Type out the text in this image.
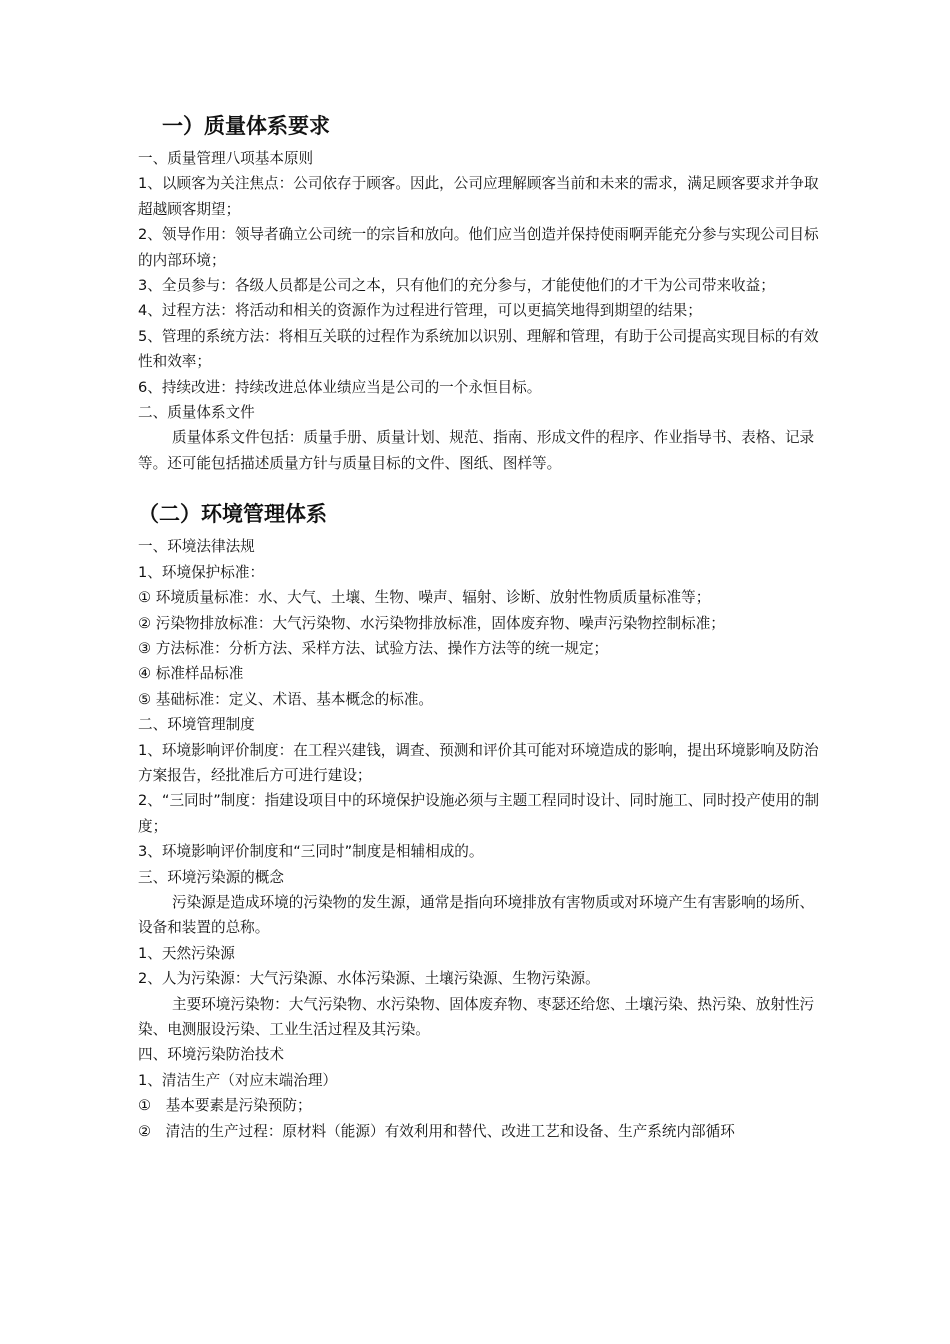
一）质量体系要求

一、质量管理八项基本原则

1、以顾客为关注焦点：公司依存于顾客。因此，公司应理解顾客当前和未来的需求，满足顾客要求并争取超越顾客期望；

2、领导作用：领导者确立公司统一的宗旨和放向。他们应当创造并保持使雨啊弄能充分参与实现公司目标的内部环境；

3、全员参与：各级人员都是公司之本，只有他们的充分参与，才能使他们的才干为公司带来收益；

4、过程方法：将活动和相关的资源作为过程进行管理，可以更搞笑地得到期望的结果；

5、管理的系统方法：将相互关联的过程作为系统加以识别、理解和管理，有助于公司提高实现目标的有效性和效率；

6、持续改进：持续改进总体业绩应当是公司的一个永恒目标。

二、质量体系文件

质量体系文件包括：质量手册、质量计划、规范、指南、形成文件的程序、作业指导书、表格、记录等。还可能包括描述质量方针与质量目标的文件、图纸、图样等。

（二）环境管理体系

一、环境法律法规

1、环境保护标准：

① 环境质量标准：水、大气、土壤、生物、噪声、辐射、诊断、放射性物质质量标准等；

② 污染物排放标准：大气污染物、水污染物排放标准，固体废弃物、噪声污染物控制标准；

③ 方法标准：分析方法、采样方法、试验方法、操作方法等的统一规定；

④ 标准样品标准

⑤ 基础标准：定义、术语、基本概念的标准。

二、环境管理制度

1、环境影响评价制度：在工程兴建钱，调查、预测和评价其可能对环境造成的影响，提出环境影响及防治方案报告，经批准后方可进行建设；

2、“三同时”制度：指建设项目中的环境保护设施必须与主题工程同时设计、同时施工、同时投产使用的制度；

3、环境影响评价制度和“三同时”制度是相辅相成的。

三、环境污染源的概念

污染源是造成环境的污染物的发生源，通常是指向环境排放有害物质或对环境产生有害影响的场所、设备和装置的总称。

1、天然污染源

2、人为污染源：大气污染源、水体污染源、土壤污染源、生物污染源。

主要环境污染物：大气污染物、水污染物、固体废弃物、枣瑟还给您、土壤污染、热污染、放射性污染、电测服设污染、工业生活过程及其污染。

四、环境污染防治技术

1、清洁生产（对应末端治理）

①　基本要素是污染预防；

②　清洁的生产过程：原材料（能源）有效利用和替代、改进工艺和设备、生产系统内部循环
